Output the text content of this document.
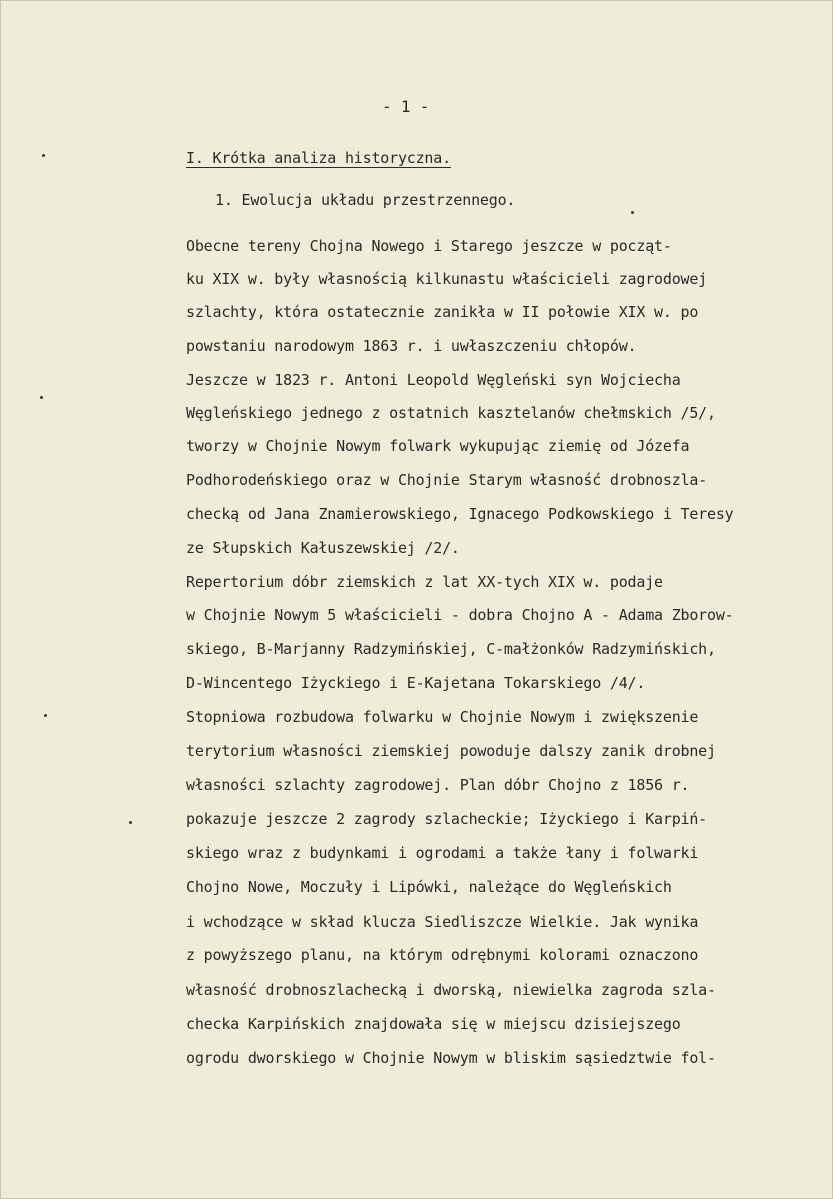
- 1 -
I. Krótka analiza historyczna.
1. Ewolucja układu przestrzennego.
Obecne tereny Chojna Nowego i Starego jeszcze w począt-
ku XIX w. były własnością kilkunastu właścicieli zagrodowej
szlachty, która ostatecznie zanikła w II połowie XIX w. po
powstaniu narodowym 1863 r. i uwłaszczeniu chłopów.
Jeszcze w 1823 r. Antoni Leopold Węgleński syn Wojciecha
Węgleńskiego jednego z ostatnich kasztelanów chełmskich /5/,
tworzy w Chojnie Nowym folwark wykupując ziemię od Józefa
Podhorodeńskiego oraz w Chojnie Starym własność drobnoszla-
checką od Jana Znamierowskiego, Ignacego Podkowskiego i Teresy
ze Słupskich Kałuszewskiej /2/.
Repertorium dóbr ziemskich z lat XX-tych XIX w. podaje
w Chojnie Nowym 5 właścicieli - dobra Chojno A - Adama Zborow-
skiego, B-Marjanny Radzymińskiej, C-małżonków Radzymińskich,
D-Wincentego Iżyckiego i E-Kajetana Tokarskiego /4/.
Stopniowa rozbudowa folwarku w Chojnie Nowym i zwiększenie
terytorium własności ziemskiej powoduje dalszy zanik drobnej
własności szlachty zagrodowej. Plan dóbr Chojno z 1856 r.
pokazuje jeszcze 2 zagrody szlacheckie; Iżyckiego i Karpiń-
skiego wraz z budynkami i ogrodami a także łany i folwarki
Chojno Nowe, Moczuły i Lipówki, należące do Węgleńskich
i wchodzące w skład klucza Siedliszcze Wielkie. Jak wynika
z powyższego planu, na którym odrębnymi kolorami oznaczono
własność drobnoszlachecką i dworską, niewielka zagroda szla-
checka Karpińskich znajdowała się w miejscu dzisiejszego
ogrodu dworskiego w Chojnie Nowym w bliskim sąsiedztwie fol-
